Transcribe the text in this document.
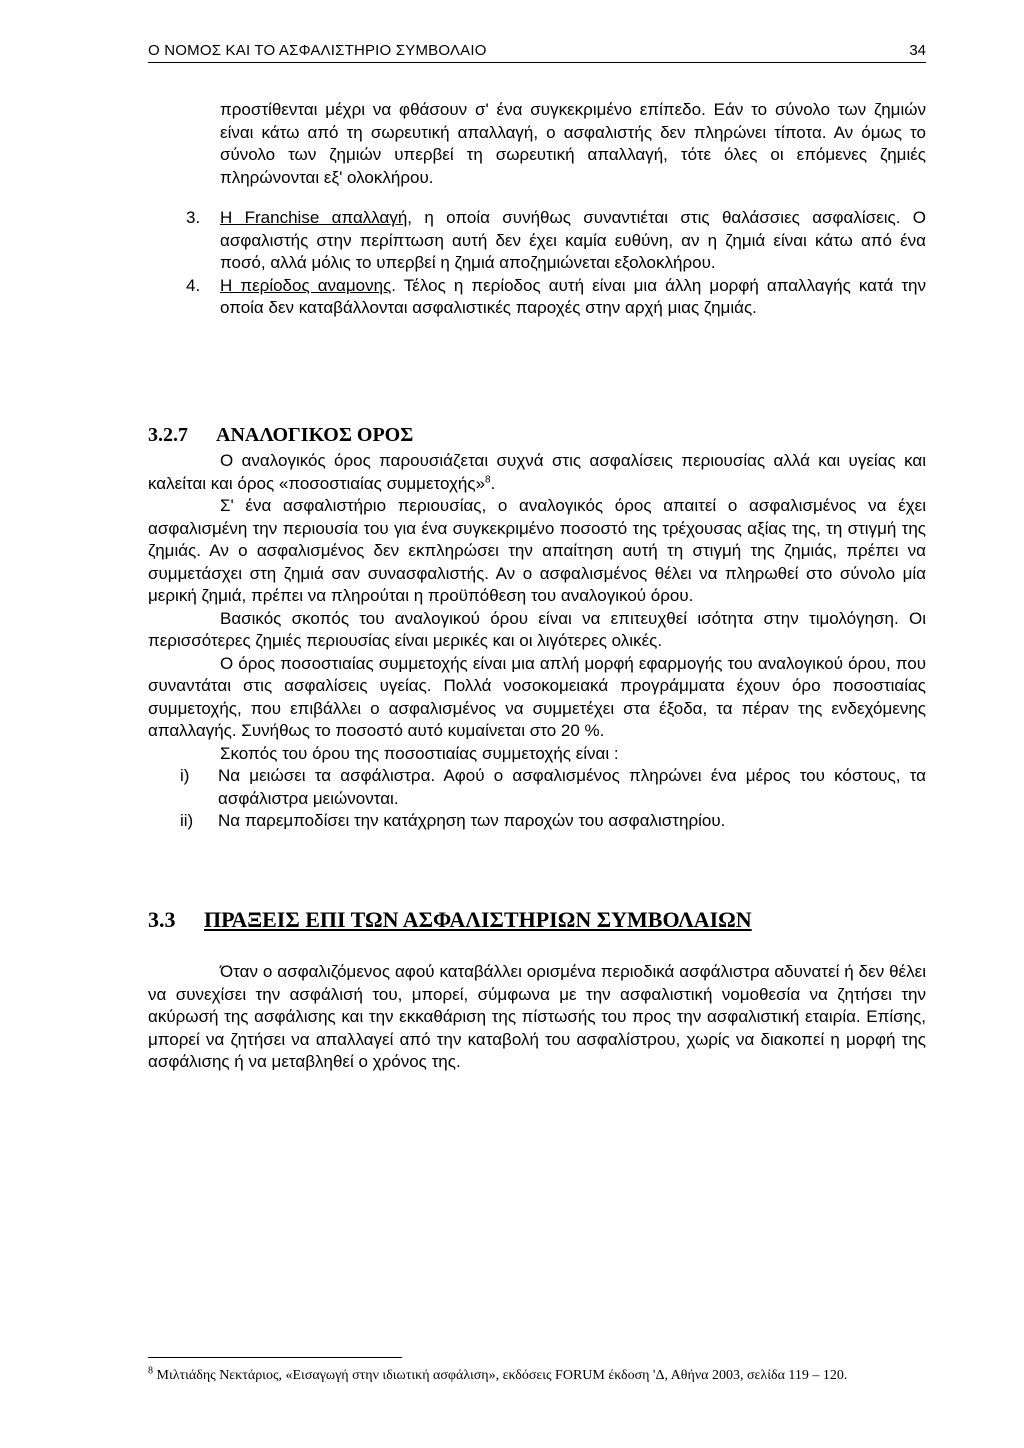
Ο ΝΟΜΟΣ ΚΑΙ ΤΟ ΑΣΦΑΛΙΣΤΗΡΙΟ ΣΥΜΒΟΛΑΙΟ	34
προστίθενται μέχρι να φθάσουν σ' ένα συγκεκριμένο επίπεδο. Εάν το σύνολο των ζημιών είναι κάτω από τη σωρευτική απαλλαγή, ο ασφαλιστής δεν πληρώνει τίποτα. Αν όμως το σύνολο των ζημιών υπερβεί τη σωρευτική απαλλαγή, τότε όλες οι επόμενες ζημιές πληρώνονται εξ' ολοκλήρου.
3. Η Franchise απαλλαγή, η οποία συνήθως συναντιέται στις θαλάσσιες ασφαλίσεις. Ο ασφαλιστής στην περίπτωση αυτή δεν έχει καμία ευθύνη, αν η ζημιά είναι κάτω από ένα ποσό, αλλά μόλις το υπερβεί η ζημιά αποζημιώνεται εξολοκλήρου.
4. Η περίοδος αναμονης. Τέλος η περίοδος αυτή είναι μια άλλη μορφή απαλλαγής κατά την οποία δεν καταβάλλονται ασφαλιστικές παροχές στην αρχή μιας ζημιάς.
3.2.7 ΑΝΑΛΟΓΙΚΟΣ ΟΡΟΣ

Ο αναλογικός όρος παρουσιάζεται συχνά στις ασφαλίσεις περιουσίας αλλά και υγείας και καλείται και όρος «ποσοστιαίας συμμετοχής»$^8$.

Σ' ένα ασφαλιστήριο περιουσίας, ο αναλογικός όρος απαιτεί ο ασφαλισμένος να έχει ασφαλισμένη την περιουσία του για ένα συγκεκριμένο ποσοστό της τρέχουσας αξίας της, τη στιγμή της ζημιάς. Αν ο ασφαλισμένος δεν εκπληρώσει την απαίτηση αυτή τη στιγμή της ζημιάς, πρέπει να συμμετάσχει στη ζημιά σαν συνασφαλιστής. Αν ο ασφαλισμένος θέλει να πληρωθεί στο σύνολο μία μερική ζημιά, πρέπει να πληρούται η προϋπόθεση του αναλογικού όρου.

Βασικός σκοπός του αναλογικού όρου είναι να επιτευχθεί ισότητα στην τιμολόγηση. Οι περισσότερες ζημιές περιουσίας είναι μερικές και οι λιγότερες ολικές.

Ο όρος ποσοστιαίας συμμετοχής είναι μια απλή μορφή εφαρμογής του αναλογικού όρου, που συναντάται στις ασφαλίσεις υγείας. Πολλά νοσοκομειακά προγράμματα έχουν όρο ποσοστιαίας συμμετοχής, που επιβάλλει ο ασφαλισμένος να συμμετέχει στα έξοδα, τα πέραν της ενδεχόμενης απαλλαγής. Συνήθως το ποσοστό αυτό κυμαίνεται στο 20 %.

Σκοπός του όρου της ποσοστιαίας συμμετοχής είναι :

i) Να μειώσει τα ασφάλιστρα. Αφού ο ασφαλισμένος πληρώνει ένα μέρος του κόστους, τα ασφάλιστρα μειώνονται.
ii) Να παρεμποδίσει την κατάχρηση των παροχών του ασφαλιστηρίου.
3.3 ΠΡΑΞΕΙΣ ΕΠΙ ΤΩΝ ΑΣΦΑΛΙΣΤΗΡΙΩΝ ΣΥΜΒΟΛΑΙΩΝ

Όταν ο ασφαλιζόμενος αφού καταβάλλει ορισμένα περιοδικά ασφάλιστρα αδυνατεί ή δεν θέλει να συνεχίσει την ασφάλισή του, μπορεί, σύμφωνα με την ασφαλιστική νομοθεσία να ζητήσει την ακύρωσή της ασφάλισης και την εκκαθάριση της πίστωσής του προς την ασφαλιστική εταιρία. Επίσης, μπορεί να ζητήσει να απαλλαγεί από την καταβολή του ασφαλίστρου, χωρίς να διακοπεί η μορφή της ασφάλισης ή να μεταβληθεί ο χρόνος της.

$^8$ Μιλτιάδης Νεκτάριος, «Εισαγωγή στην ιδιωτική ασφάλιση», εκδόσεις FORUM έκδοση 'Δ, Αθήνα 2003, σελίδα 119 – 120.
